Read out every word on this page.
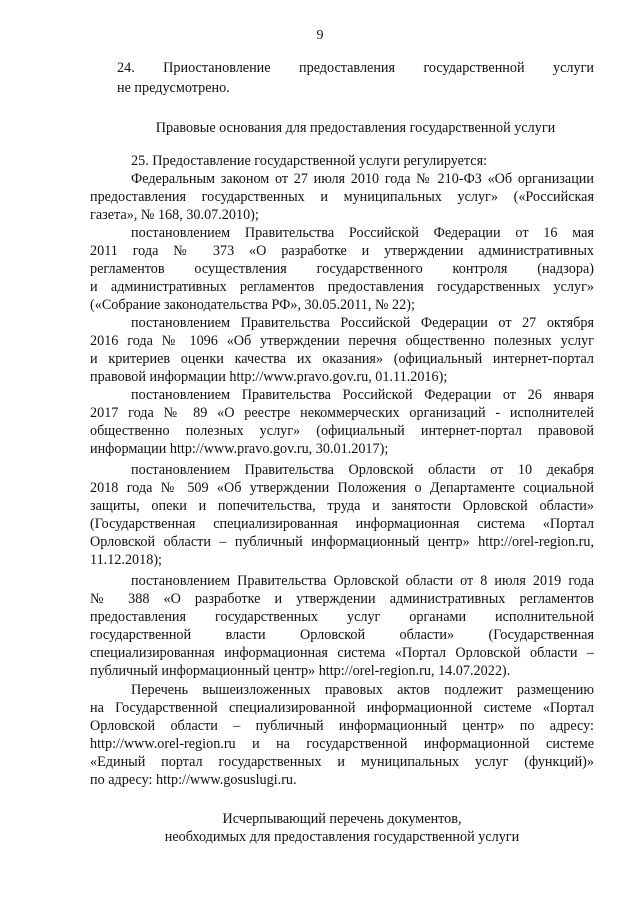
9
24. Приостановление предоставления государственной услуги
не предусмотрено.
Правовые основания для предоставления государственной услуги
25. Предоставление государственной услуги регулируется:
Федеральным законом от 27 июля 2010 года № 210-ФЗ «Об организации
предоставления государственных и муниципальных услуг» («Российская
газета», № 168, 30.07.2010);
постановлением Правительства Российской Федерации от 16 мая
2011 года № 373 «О разработке и утверждении административных
регламентов осуществления государственного контроля (надзора)
и административных регламентов предоставления государственных услуг»
(«Собрание законодательства РФ», 30.05.2011, № 22);
постановлением Правительства Российской Федерации от 27 октября
2016 года № 1096 «Об утверждении перечня общественно полезных услуг
и критериев оценки качества их оказания» (официальный интернет-портал
правовой информации http://www.pravo.gov.ru, 01.11.2016);
постановлением Правительства Российской Федерации от 26 января
2017 года № 89 «О реестре некоммерческих организаций - исполнителей
общественно полезных услуг» (официальный интернет-портал правовой
информации http://www.pravo.gov.ru, 30.01.2017);
постановлением Правительства Орловской области от 10 декабря
2018 года № 509 «Об утверждении Положения о Департаменте социальной
защиты, опеки и попечительства, труда и занятости Орловской области»
(Государственная специализированная информационная система «Портал
Орловской области – публичный информационный центр» http://orel-region.ru,
11.12.2018);
постановлением Правительства Орловской области от 8 июля 2019 года
№ 388 «О разработке и утверждении административных регламентов
предоставления государственных услуг органами исполнительной
государственной власти Орловской области» (Государственная
специализированная информационная система «Портал Орловской области –
публичный информационный центр» http://orel-region.ru, 14.07.2022).
Перечень вышеизложенных правовых актов подлежит размещению
на Государственной специализированной информационной системе «Портал
Орловской области – публичный информационный центр» по адресу:
http://www.orel-region.ru и на государственной информационной системе
«Единый портал государственных и муниципальных услуг (функций)»
по адресу: http://www.gosuslugi.ru.
Исчерпывающий перечень документов,
необходимых для предоставления государственной услуги
